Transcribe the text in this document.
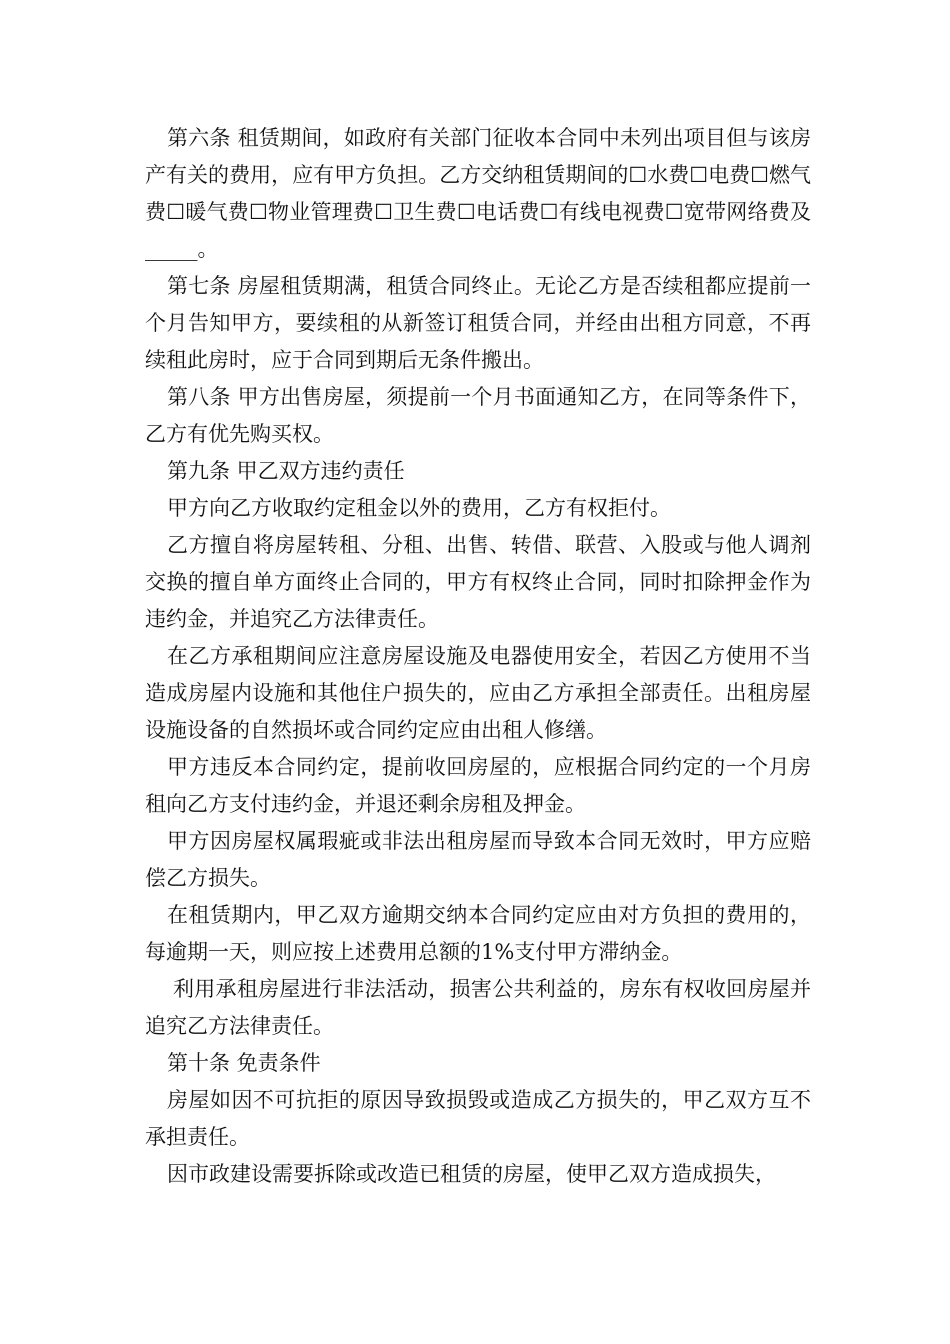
第六条 租赁期间，如政府有关部门征收本合同中未列出项目但与该房产有关的费用，应有甲方负担。乙方交纳租赁期间的☐水费☐电费☐燃气费☐暖气费☐物业管理费☐卫生费☐电话费☐有线电视费☐宽带网络费及_____。

第七条 房屋租赁期满，租赁合同终止。无论乙方是否续租都应提前一个月告知甲方，要续租的从新签订租赁合同，并经由出租方同意，不再续租此房时，应于合同到期后无条件搬出。

第八条 甲方出售房屋，须提前一个月书面通知乙方，在同等条件下，乙方有优先购买权。

第九条 甲乙双方违约责任

甲方向乙方收取约定租金以外的费用，乙方有权拒付。

乙方擅自将房屋转租、分租、出售、转借、联营、入股或与他人调剂交换的擅自单方面终止合同的，甲方有权终止合同，同时扣除押金作为违约金，并追究乙方法律责任。

在乙方承租期间应注意房屋设施及电器使用安全，若因乙方使用不当造成房屋内设施和其他住户损失的，应由乙方承担全部责任。出租房屋设施设备的自然损坏或合同约定应由出租人修缮。

甲方违反本合同约定，提前收回房屋的，应根据合同约定的一个月房租向乙方支付违约金，并退还剩余房租及押金。

甲方因房屋权属瑕疵或非法出租房屋而导致本合同无效时，甲方应赔偿乙方损失。

在租赁期内，甲乙双方逾期交纳本合同约定应由对方负担的费用的，每逾期一天，则应按上述费用总额的1%支付甲方滞纳金。

利用承租房屋进行非法活动，损害公共利益的，房东有权收回房屋并追究乙方法律责任。

第十条 免责条件

房屋如因不可抗拒的原因导致损毁或造成乙方损失的，甲乙双方互不承担责任。

因市政建设需要拆除或改造已租赁的房屋，使甲乙双方造成损失，
